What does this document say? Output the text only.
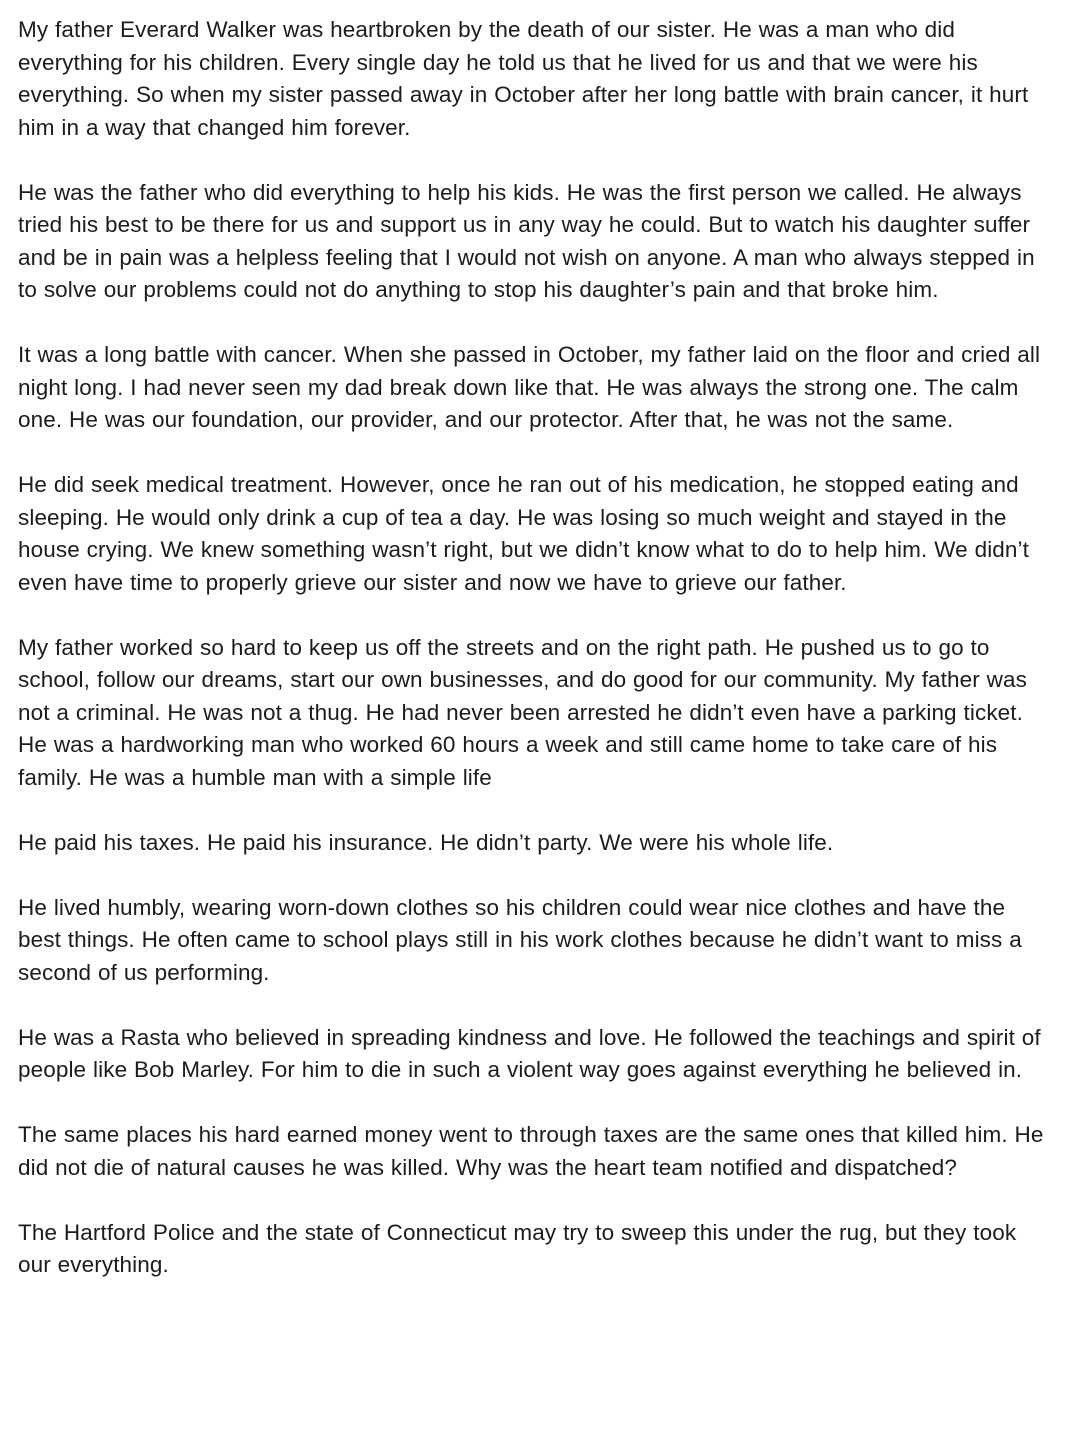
My father Everard Walker was heartbroken by the death of our sister. He was a man who did everything for his children. Every single day he told us that he lived for us and that we were his everything. So when my sister passed away in October after her long battle with brain cancer, it hurt him in a way that changed him forever.

He was the father who did everything to help his kids. He was the first person we called. He always tried his best to be there for us and support us in any way he could. But to watch his daughter suffer and be in pain was a helpless feeling that I would not wish on anyone. A man who always stepped in to solve our problems could not do anything to stop his daughter’s pain and that broke him.

It was a long battle with cancer. When she passed in October, my father laid on the floor and cried all night long. I had never seen my dad break down like that. He was always the strong one. The calm one. He was our foundation, our provider, and our protector. After that, he was not the same.

He did seek medical treatment. However, once he ran out of his medication, he stopped eating and sleeping. He would only drink a cup of tea a day. He was losing so much weight and stayed in the house crying. We knew something wasn’t right, but we didn’t know what to do to help him. We didn’t even have time to properly grieve our sister and now we have to grieve our father.

My father worked so hard to keep us off the streets and on the right path. He pushed us to go to school, follow our dreams, start our own businesses, and do good for our community. My father was not a criminal. He was not a thug. He had never been arrested he didn’t even have a parking ticket. He was a hardworking man who worked 60 hours a week and still came home to take care of his family. He was a humble man with a simple life

He paid his taxes. He paid his insurance. He didn’t party. We were his whole life.

He lived humbly, wearing worn-down clothes so his children could wear nice clothes and have the best things. He often came to school plays still in his work clothes because he didn’t want to miss a second of us performing.

He was a Rasta who believed in spreading kindness and love. He followed the teachings and spirit of people like Bob Marley. For him to die in such a violent way goes against everything he believed in.

The same places his hard earned money went to through taxes are the same ones that killed him. He did not die of natural causes he was killed. Why was the heart team notified and dispatched?

The Hartford Police and the state of Connecticut may try to sweep this under the rug, but they took our everything.
